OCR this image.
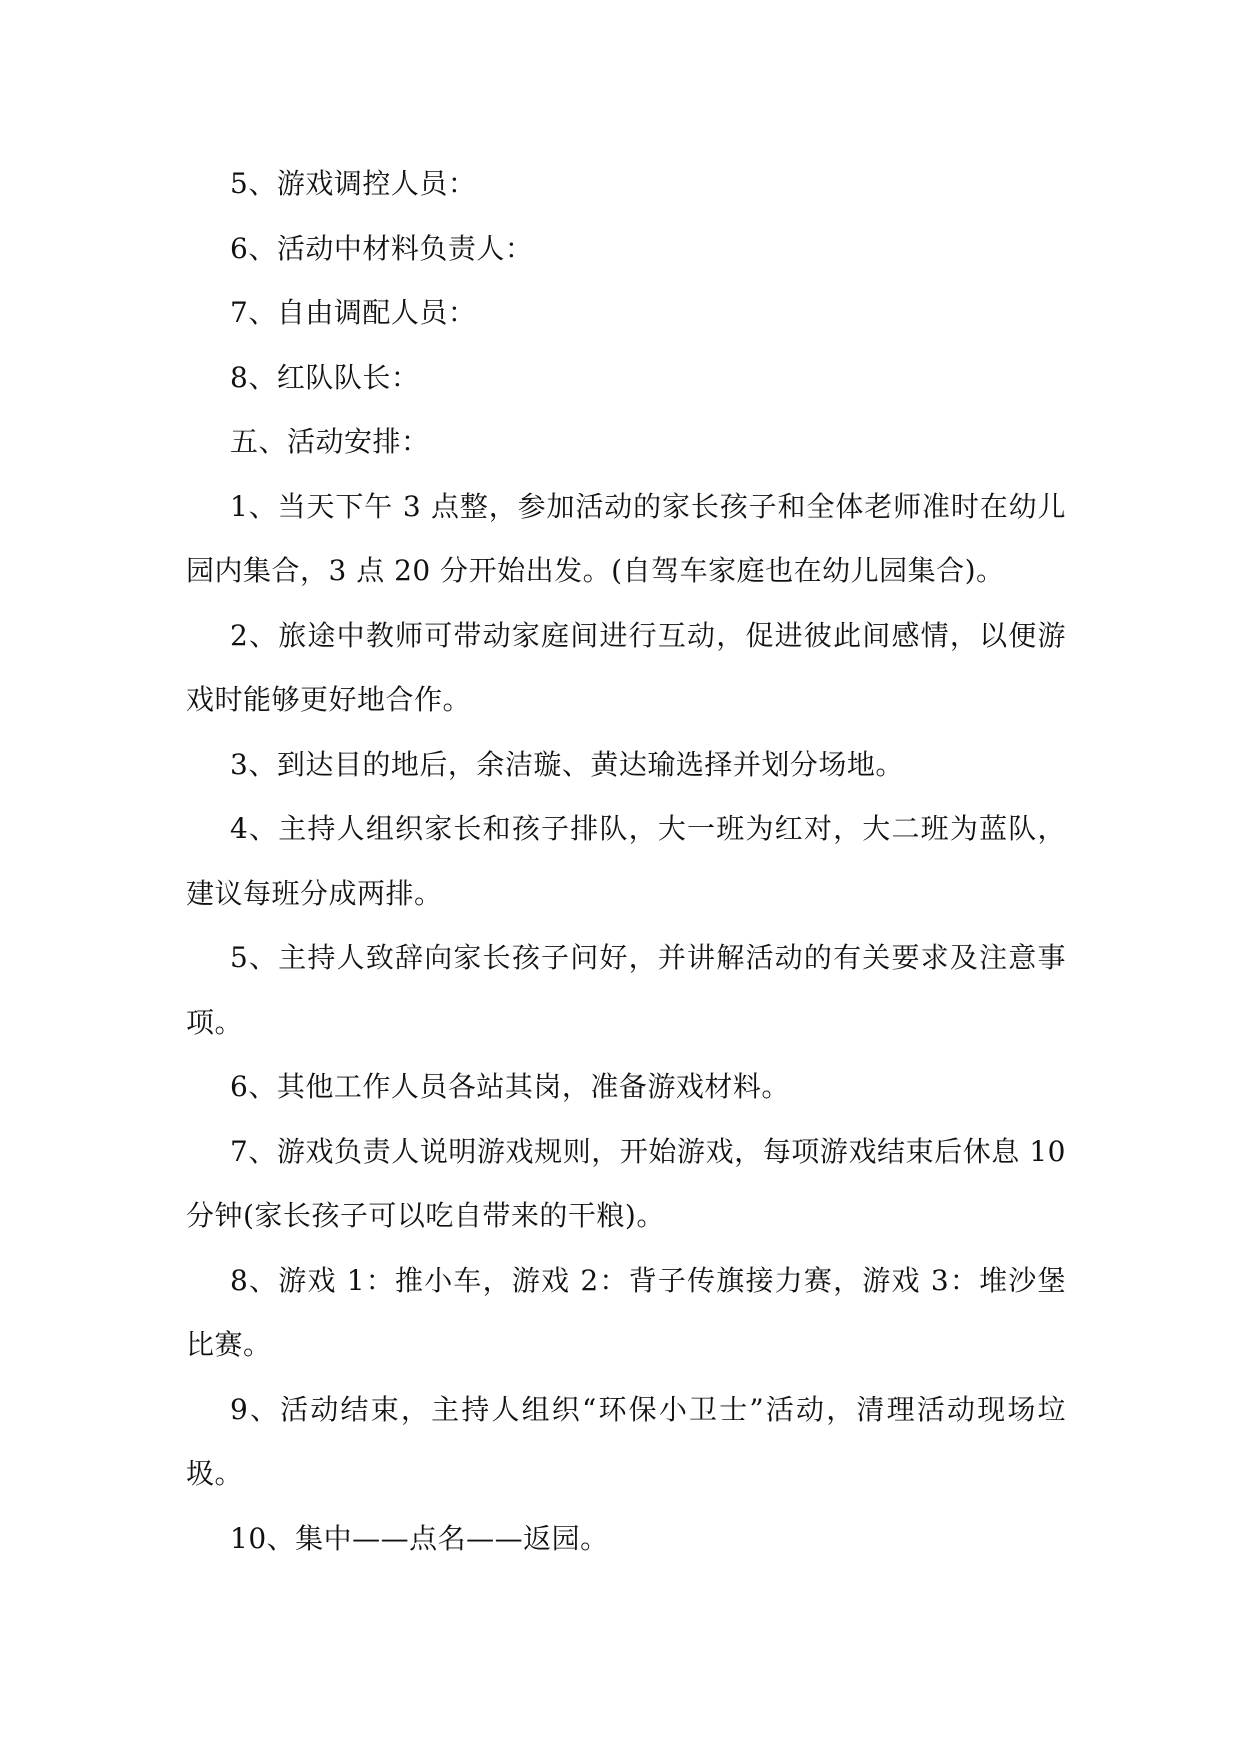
5、游戏调控人员：

6、活动中材料负责人：

7、自由调配人员：

8、红队队长：

五、活动安排：

1、当天下午 3 点整，参加活动的家长孩子和全体老师准时在幼儿园内集合，3 点 20 分开始出发。(自驾车家庭也在幼儿园集合)。

2、旅途中教师可带动家庭间进行互动，促进彼此间感情，以便游戏时能够更好地合作。

3、到达目的地后，余洁璇、黄达瑜选择并划分场地。

4、主持人组织家长和孩子排队，大一班为红对，大二班为蓝队，建议每班分成两排。

5、主持人致辞向家长孩子问好，并讲解活动的有关要求及注意事项。

6、其他工作人员各站其岗，准备游戏材料。

7、游戏负责人说明游戏规则，开始游戏，每项游戏结束后休息 10 分钟(家长孩子可以吃自带来的干粮)。

8、游戏 1：推小车，游戏 2：背子传旗接力赛，游戏 3：堆沙堡比赛。

9、活动结束，主持人组织“环保小卫士”活动，清理活动现场垃圾。

10、集中——点名——返园。
